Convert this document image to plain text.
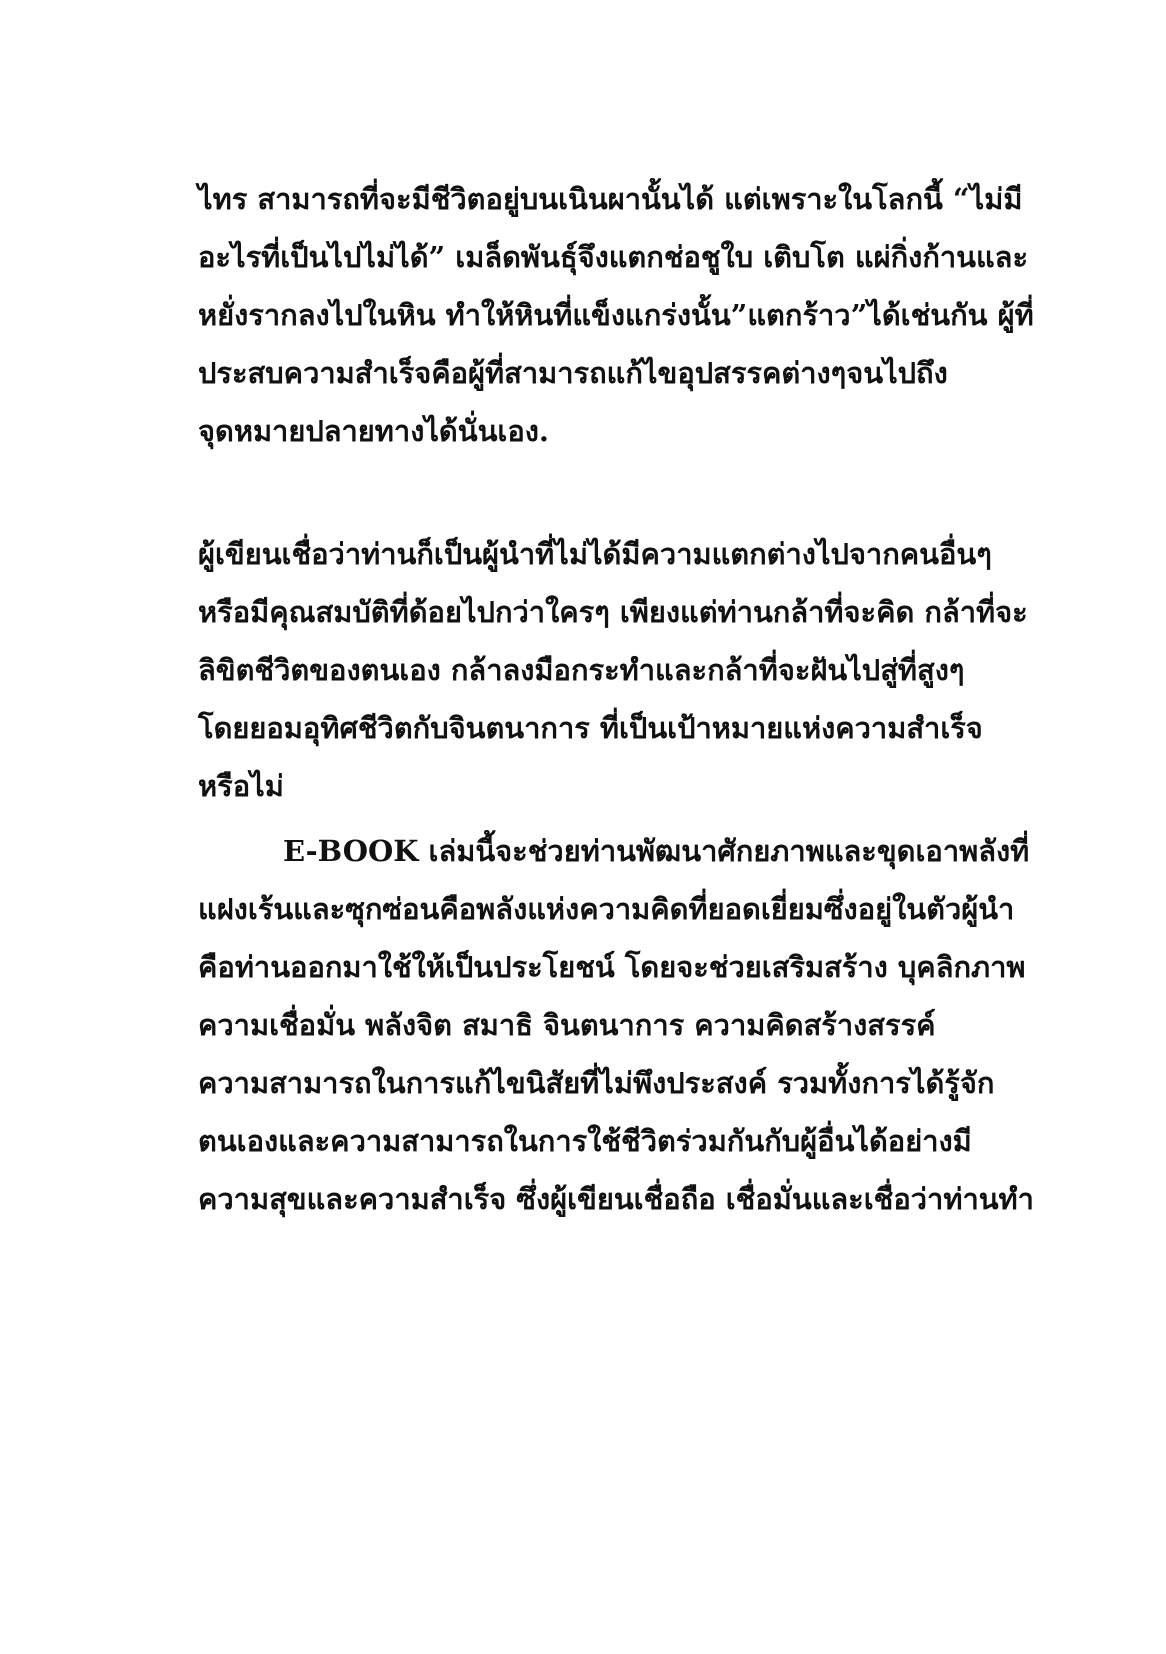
ไทร สามารถที่จะมีชีวิตอยู่บนเนินผานั้นได้ แต่เพราะในโลกนี้ “ไม่มี
อะไรที่เป็นไปไม่ได้” เมล็ดพันธุ์จึงแตกช่อชูใบ เติบโต แผ่กิ่งก้านและ
หยั่งรากลงไปในหิน ทำให้หินที่แข็งแกร่งนั้น”แตกร้าว”ได้เช่นกัน ผู้ที่
ประสบความสำเร็จคือผู้ที่สามารถแก้ไขอุปสรรคต่างๆจนไปถึง
จุดหมายปลายทางได้นั่นเอง.
ผู้เขียนเชื่อว่าท่านก็เป็นผู้นำที่ไม่ได้มีความแตกต่างไปจากคนอื่นๆ
หรือมีคุณสมบัติที่ด้อยไปกว่าใครๆ เพียงแต่ท่านกล้าที่จะคิด กล้าที่จะ
ลิขิตชีวิตของตนเอง กล้าลงมือกระทำและกล้าที่จะฝันไปสู่ที่สูงๆ
โดยยอมอุทิศชีวิตกับจินตนาการ ที่เป็นเป้าหมายแห่งความสำเร็จ
หรือไม่
E-BOOK เล่มนี้จะช่วยท่านพัฒนาศักยภาพและขุดเอาพลังที่
แฝงเร้นและซุกซ่อนคือพลังแห่งความคิดที่ยอดเยี่ยมซึ่งอยู่ในตัวผู้นำ
คือท่านออกมาใช้ให้เป็นประโยชน์ โดยจะช่วยเสริมสร้าง บุคลิกภาพ
ความเชื่อมั่น พลังจิต สมาธิ จินตนาการ ความคิดสร้างสรรค์
ความสามารถในการแก้ไขนิสัยที่ไม่พึงประสงค์ รวมทั้งการได้รู้จัก
ตนเองและความสามารถในการใช้ชีวิตร่วมกันกับผู้อื่นได้อย่างมี
ความสุขและความสำเร็จ ซึ่งผู้เขียนเชื่อถือ เชื่อมั่นและเชื่อว่าท่านทำ
